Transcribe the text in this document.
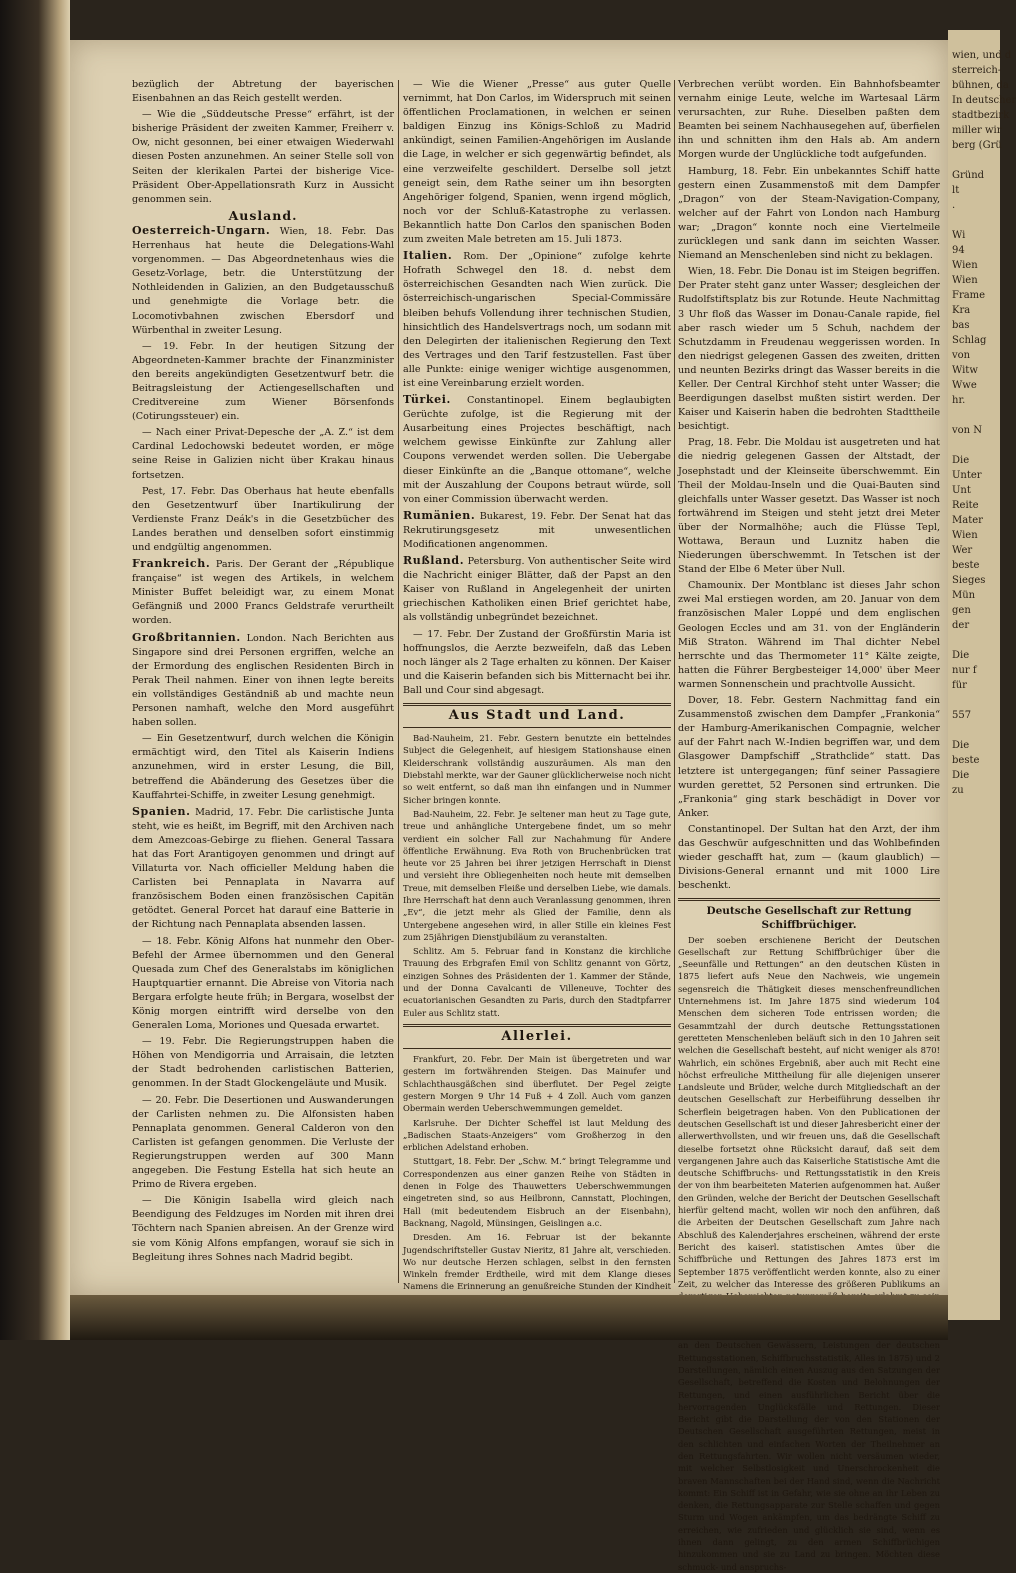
bezüglich der Abtretung der bayerischen Eisenbahnen an das Reich gestellt werden.

— Wie die „Süddeutsche Presse“ erfährt, ist der bisherige Präsident der zweiten Kammer, Freiherr v. Ow, nicht gesonnen, bei einer etwaigen Wiederwahl diesen Posten anzunehmen. An seiner Stelle soll von Seiten der klerikalen Partei der bisherige Vice-Präsident Ober-Appellationsrath Kurz in Aussicht genommen sein.

Ausland.

Oesterreich-Ungarn. Wien, 18. Febr. Das Herrenhaus hat heute die Delegations-Wahl vorgenommen. — Das Abgeordnetenhaus wies die Gesetz-Vorlage, betr. die Unterstützung der Nothleidenden in Galizien, an den Budgetausschuß und genehmigte die Vorlage betr. die Locomotivbahnen zwischen Ebersdorf und Würbenthal in zweiter Lesung.

— 19. Febr. In der heutigen Sitzung der Abgeordneten-Kammer brachte der Finanzminister den bereits angekündigten Gesetzentwurf betr. die Beitragsleistung der Actiengesellschaften und Creditvereine zum Wiener Börsenfonds (Cotirungssteuer) ein.

— Nach einer Privat-Depesche der „A. Z.“ ist dem Cardinal Ledochowski bedeutet worden, er möge seine Reise in Galizien nicht über Krakau hinaus fortsetzen.

Pest, 17. Febr. Das Oberhaus hat heute ebenfalls den Gesetzentwurf über Inartikulirung der Verdienste Franz Deák's in die Gesetzbücher des Landes berathen und denselben sofort einstimmig und endgültig angenommen.

Frankreich. Paris. Der Gerant der „République française“ ist wegen des Artikels, in welchem Minister Buffet beleidigt war, zu einem Monat Gefängniß und 2000 Francs Geldstrafe verurtheilt worden.

Großbritannien. London. Nach Berichten aus Singapore sind drei Personen ergriffen, welche an der Ermordung des englischen Residenten Birch in Perak Theil nahmen. Einer von ihnen legte bereits ein vollständiges Geständniß ab und machte neun Personen namhaft, welche den Mord ausgeführt haben sollen.

— Ein Gesetzentwurf, durch welchen die Königin ermächtigt wird, den Titel als Kaiserin Indiens anzunehmen, wird in erster Lesung, die Bill, betreffend die Abänderung des Gesetzes über die Kauffahrtei-Schiffe, in zweiter Lesung genehmigt.

Spanien. Madrid, 17. Febr. Die carlistische Junta steht, wie es heißt, im Begriff, mit den Archiven nach dem Amezcoas-Gebirge zu fliehen. General Tassara hat das Fort Arantigoyen genommen und dringt auf Villaturta vor. Nach officieller Meldung haben die Carlisten bei Pennaplata in Navarra auf französischem Boden einen französischen Capitän getödtet. General Porcet hat darauf eine Batterie in der Richtung nach Pennaplata absenden lassen.

— 18. Febr. König Alfons hat nunmehr den Ober-Befehl der Armee übernommen und den General Quesada zum Chef des Generalstabs im königlichen Hauptquartier ernannt. Die Abreise von Vitoria nach Bergara erfolgte heute früh; in Bergara, woselbst der König morgen eintrifft wird derselbe von den Generalen Loma, Moriones und Quesada erwartet.

— 19. Febr. Die Regierungstruppen haben die Höhen von Mendigorria und Arraisain, die letzten der Stadt bedrohenden carlistischen Batterien, genommen. In der Stadt Glockengeläute und Musik.

— 20. Febr. Die Desertionen und Auswanderungen der Carlisten nehmen zu. Die Alfonsisten haben Pennaplata genommen. General Calderon von den Carlisten ist gefangen genommen. Die Verluste der Regierungstruppen werden auf 300 Mann angegeben. Die Festung Estella hat sich heute an Primo de Rivera ergeben.

— Die Königin Isabella wird gleich nach Beendigung des Feldzuges im Norden mit ihren drei Töchtern nach Spanien abreisen. An der Grenze wird sie vom König Alfons empfangen, worauf sie sich in Begleitung ihres Sohnes nach Madrid begibt.

— Wie die Wiener „Presse“ aus guter Quelle vernimmt, hat Don Carlos, im Widerspruch mit seinen öffentlichen Proclamationen, in welchen er seinen baldigen Einzug ins Königs-Schloß zu Madrid ankündigt, seinen Familien-Angehörigen im Auslande die Lage, in welcher er sich gegenwärtig befindet, als eine verzweifelte geschildert. Derselbe soll jetzt geneigt sein, dem Rathe seiner um ihn besorgten Angehöriger folgend, Spanien, wenn irgend möglich, noch vor der Schluß-Katastrophe zu verlassen. Bekanntlich hatte Don Carlos den spanischen Boden zum zweiten Male betreten am 15. Juli 1873.

Italien. Rom. Der „Opinione“ zufolge kehrte Hofrath Schwegel den 18. d. nebst dem österreichischen Gesandten nach Wien zurück. Die österreichisch-ungarischen Special-Commissäre bleiben behufs Vollendung ihrer technischen Studien, hinsichtlich des Handelsvertrags noch, um sodann mit den Delegirten der italienischen Regierung den Text des Vertrages und den Tarif festzustellen. Fast über alle Punkte: einige weniger wichtige ausgenommen, ist eine Vereinbarung erzielt worden.

Türkei. Constantinopel. Einem beglaubigten Gerüchte zufolge, ist die Regierung mit der Ausarbeitung eines Projectes beschäftigt, nach welchem gewisse Einkünfte zur Zahlung aller Coupons verwendet werden sollen. Die Uebergabe dieser Einkünfte an die „Banque ottomane“, welche mit der Auszahlung der Coupons betraut würde, soll von einer Commission überwacht werden.

Rumänien. Bukarest, 19. Febr. Der Senat hat das Rekrutirungsgesetz mit unwesentlichen Modificationen angenommen.

Rußland. Petersburg. Von authentischer Seite wird die Nachricht einiger Blätter, daß der Papst an den Kaiser von Rußland in Angelegenheit der unirten griechischen Katholiken einen Brief gerichtet habe, als vollständig unbegründet bezeichnet.

— 17. Febr. Der Zustand der Großfürstin Maria ist hoffnungslos, die Aerzte bezweifeln, daß das Leben noch länger als 2 Tage erhalten zu können. Der Kaiser und die Kaiserin befanden sich bis Mitternacht bei ihr. Ball und Cour sind abgesagt.

Aus Stadt und Land.

Bad-Nauheim, 21. Febr. Gestern benutzte ein bettelndes Subject die Gelegenheit, auf hiesigem Stationshause einen Kleiderschrank vollständig auszuräumen. Als man den Diebstahl merkte, war der Gauner glücklicherweise noch nicht so weit entfernt, so daß man ihn einfangen und in Nummer Sicher bringen konnte.

Bad-Nauheim, 22. Febr. Je seltener man heut zu Tage gute, treue und anhängliche Untergebene findet, um so mehr verdient ein solcher Fall zur Nachahmung für Andere öffentliche Erwähnung. Eva Roth von Bruchenbrücken trat heute vor 25 Jahren bei ihrer jetzigen Herrschaft in Dienst und versieht ihre Obliegenheiten noch heute mit demselben Treue, mit demselben Fleiße und derselben Liebe, wie damals. Ihre Herrschaft hat denn auch Veranlassung genommen, ihren „Ev“, die jetzt mehr als Glied der Familie, denn als Untergebene angesehen wird, in aller Stille ein kleines Fest zum 25jährigen Dienstjubiläum zu veranstalten.

Schlitz. Am 5. Februar fand in Konstanz die kirchliche Trauung des Erbgrafen Emil von Schlitz genannt von Görtz, einzigen Sohnes des Präsidenten der 1. Kammer der Stände, und der Donna Cavalcanti de Villeneuve, Tochter des ecuatorianischen Gesandten zu Paris, durch den Stadtpfarrer Euler aus Schlitz statt.

Allerlei.

Frankfurt, 20. Febr. Der Main ist übergetreten und war gestern im fortwährenden Steigen. Das Mainufer und Schlachthausgäßchen sind überflutet. Der Pegel zeigte gestern Morgen 9 Uhr 14 Fuß + 4 Zoll. Auch vom ganzen Obermain werden Ueberschwemmungen gemeldet.

Karlsruhe. Der Dichter Scheffel ist laut Meldung des „Badischen Staats-Anzeigers“ vom Großherzog in den erblichen Adelstand erhoben.

Stuttgart, 18. Febr. Der „Schw. M.“ bringt Telegramme und Correspondenzen aus einer ganzen Reihe von Städten in denen in Folge des Thauwetters Ueberschwemmungen eingetreten sind, so aus Heilbronn, Cannstatt, Plochingen, Hall (mit bedeutendem Eisbruch an der Eisenbahn), Backnang, Nagold, Münsingen, Geislingen a.c.

Dresden. Am 16. Februar ist der bekannte Jugendschriftsteller Gustav Nieritz, 81 Jahre alt, verschieden. Wo nur deutsche Herzen schlagen, selbst in den fernsten Winkeln fremder Erdtheile, wird mit dem Klange dieses Namens die Erinnerung an genußreiche Stunden der Kindheit

Verbrechen verübt worden. Ein Bahnhofsbeamter vernahm einige Leute, welche im Wartesaal Lärm verursachten, zur Ruhe. Dieselben paßten dem Beamten bei seinem Nachhausegehen auf, überfielen ihn und schnitten ihm den Hals ab. Am andern Morgen wurde der Unglückliche todt aufgefunden.

Hamburg, 18. Febr. Ein unbekanntes Schiff hatte gestern einen Zusammenstoß mit dem Dampfer „Dragon“ von der Steam-Navigation-Company, welcher auf der Fahrt von London nach Hamburg war; „Dragon“ konnte noch eine Viertelmeile zurücklegen und sank dann im seichten Wasser. Niemand an Menschenleben sind nicht zu beklagen.

Wien, 18. Febr. Die Donau ist im Steigen begriffen. Der Prater steht ganz unter Wasser; desgleichen der Rudolfstiftsplatz bis zur Rotunde. Heute Nachmittag 3 Uhr floß das Wasser im Donau-Canale rapide, fiel aber rasch wieder um 5 Schuh, nachdem der Schutzdamm in Freudenau weggerissen worden. In den niedrigst gelegenen Gassen des zweiten, dritten und neunten Bezirks dringt das Wasser bereits in die Keller. Der Central Kirchhof steht unter Wasser; die Beerdigungen daselbst mußten sistirt werden. Der Kaiser und Kaiserin haben die bedrohten Stadttheile besichtigt.

Prag, 18. Febr. Die Moldau ist ausgetreten und hat die niedrig gelegenen Gassen der Altstadt, der Josephstadt und der Kleinseite überschwemmt. Ein Theil der Moldau-Inseln und die Quai-Bauten sind gleichfalls unter Wasser gesetzt. Das Wasser ist noch fortwährend im Steigen und steht jetzt drei Meter über der Normalhöhe; auch die Flüsse Tepl, Wottawa, Beraun und Luznitz haben die Niederungen überschwemmt. In Tetschen ist der Stand der Elbe 6 Meter über Null.

Chamounix. Der Montblanc ist dieses Jahr schon zwei Mal erstiegen worden, am 20. Januar von dem französischen Maler Loppé und dem englischen Geologen Eccles und am 31. von der Engländerin Miß Straton. Während im Thal dichter Nebel herrschte und das Thermometer 11° Kälte zeigte, hatten die Führer Bergbesteiger 14,000' über Meer warmen Sonnenschein und prachtvolle Aussicht.

Dover, 18. Febr. Gestern Nachmittag fand ein Zusammenstoß zwischen dem Dampfer „Frankonia“ der Hamburg-Amerikanischen Compagnie, welcher auf der Fahrt nach W.-Indien begriffen war, und dem Glasgower Dampfschiff „Strathclide“ statt. Das letztere ist untergegangen; fünf seiner Passagiere wurden gerettet, 52 Personen sind ertrunken. Die „Frankonia“ ging stark beschädigt in Dover vor Anker.

Constantinopel. Der Sultan hat den Arzt, der ihm das Geschwür aufgeschnitten und das Wohlbefinden wieder geschafft hat, zum — (kaum glaublich) — Divisions-General ernannt und mit 1000 Lire beschenkt.

Deutsche Gesellschaft zur Rettung Schiffbrüchiger.

Der soeben erschienene Bericht der Deutschen Gesellschaft zur Rettung Schiffbrüchiger über die „Seeunfälle und Rettungen“ an den deutschen Küsten in 1875 liefert aufs Neue den Nachweis, wie ungemein segensreich die Thätigkeit dieses menschenfreundlichen Unternehmens ist. Im Jahre 1875 sind wiederum 104 Menschen dem sicheren Tode entrissen worden; die Gesammtzahl der durch deutsche Rettungsstationen geretteten Menschenleben beläuft sich in den 10 Jahren seit welchen die Gesellschaft besteht, auf nicht weniger als 870! Wahrlich, ein schönes Ergebniß, aber auch mit Recht eine höchst erfreuliche Mittheilung für alle diejenigen unserer Landsleute und Brüder, welche durch Mitgliedschaft an der deutschen Gesellschaft zur Herbeiführung desselben ihr Scherflein beigetragen haben. Von den Publicationen der deutschen Gesellschaft ist und dieser Jahresbericht einer der allerwerthvollsten, und wir freuen uns, daß die Gesellschaft dieselbe fortsetzt ohne Rücksicht darauf, daß seit dem vergangenen Jahre auch das Kaiserliche Statistische Amt die deutsche Schiffbruchs- und Rettungsstatistik in den Kreis der von ihm bearbeiteten Materien aufgenommen hat. Außer den Gründen, welche der Bericht der Deutschen Gesellschaft hierfür geltend macht, wollen wir noch den anführen, daß die Arbeiten der Deutschen Gesellschaft zum Jahre nach Abschluß des Kalenderjahres erscheinen, während der erste Bericht des kaiserl. statistischen Amtes über die Schiffbrüche und Rettungen des Jahres 1873 erst im September 1875 veröffentlicht werden konnte, also zu einer Zeit, zu welcher das Interesse des größeren Publikums an an den Deutschen Gewässern, Leistungen der deutschen Rettungsstationen, Schiffbruchsstatistik, Alles in 1875) und 2 Darstellungen, nämlich einen Auszug aus den Satzungen der Gesellschaft, betreffend die Kosten und Belohnungen der Rettungen, und einen ausführlichen Bericht über die hervorragenden Unglücksfälle und Rettungen. Dieser Bericht gibt die Darstellung der von den Stationen der Deutschen Gesellschaft ausgeführten Rettungen, meist in den schlichten und einfachen Worten der Theilnehmer an den Rettungsfahrten. Wir wollen nicht versäumen wieder, mit welcher Selbstlosigkeit und Unerschrockenheit die braven Mannschaften bei der Hand sind, wenn die Nachricht kommt: Ein Schiff ist in Gefahr, wie sie ohne an ihr Leben zu denken, die Rettungsapparate zur Stelle schaffen und gegen Sturm und Wogen ankämpfen, um das bedrängte Schiff zu erreichen, wie zufrieden und glücklich sie sind, wenn es ihnen dann gelingt, zu den armen Schiffbrüchigen hinzukommen und sie zu Land zu bringen. Möchten diese schmuck- und anspruchs-

wien, und d
sterreich-
bühnen, da
In deutscher
stadtbezirk
miller wir
berg (Grü

Gründ
lt
.

Wi
94
Wien
Wien
Frame
Kra
bas
Schlag
von
Witw
Wwe
hr.

von N

Die
Unter
Unt
Reite
Mater
Wien
Wer
beste
Sieges
Mün
gen
der

Die
nur f
für

557

Die
beste
Die
zu
